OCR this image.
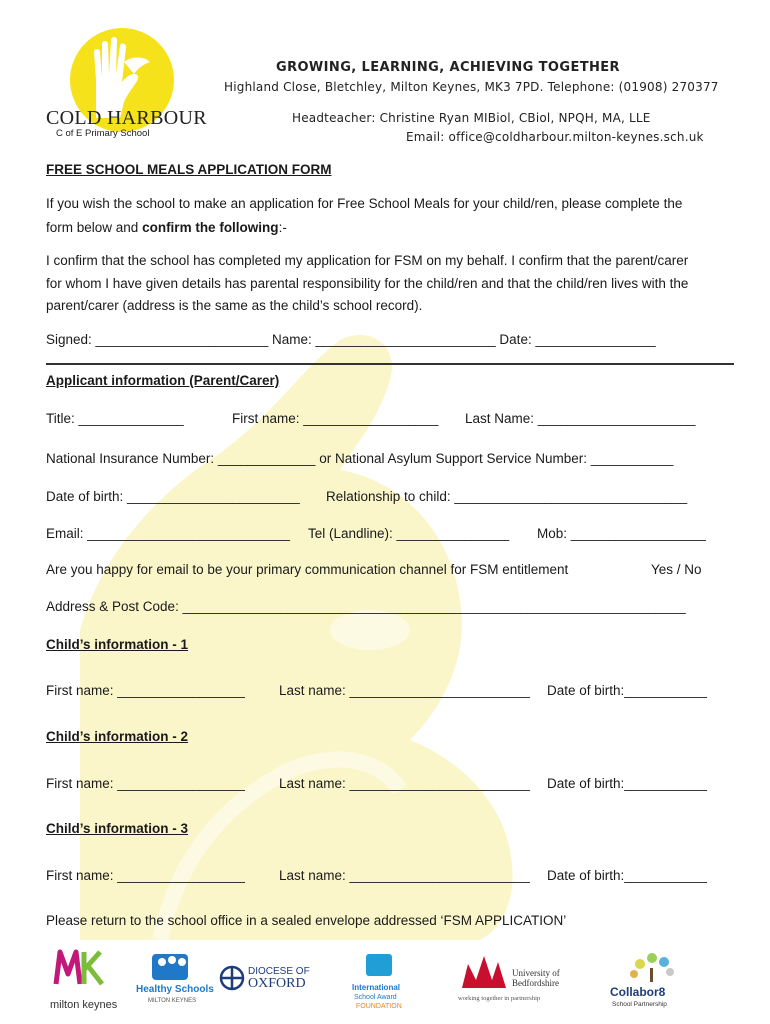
COLD HARBOUR
C of E Primary School
GROWING, LEARNING, ACHIEVING TOGETHER
Highland Close, Bletchley, Milton Keynes, MK3 7PD. Telephone: (01908) 270377
Headteacher: Christine Ryan MIBiol, CBiol, NPQH, MA, LLE
Email: office@coldharbour.milton-keynes.sch.uk
FREE SCHOOL MEALS APPLICATION FORM
If you wish the school to make an application for Free School Meals for your child/ren, please complete the
form below and confirm the following:-
I confirm that the school has completed my application for FSM on my behalf. I confirm that the parent/carer
for whom I have given details has parental responsibility for the child/ren and that the child/ren lives with the
parent/carer (address is the same as the child’s school record).
Signed: _______________________ Name: ________________________ Date: ________________
Applicant information (Parent/Carer)
Title: ______________	First name: __________________ Last Name: _____________________
National Insurance Number: _____________ or National Asylum Support Service Number: ___________
Date of birth: _______________________ Relationship to child: _______________________________
Email: ___________________________ Tel (Landline): _______________ Mob: __________________
Are you happy for email to be your primary communication channel for FSM entitlement	Yes / No
Address & Post Code: ___________________________________________________________________
Child’s information - 1
First name: _________________	Last name: ________________________ Date of birth:___________
Child’s information - 2
First name: _________________	Last name: ________________________ Date of birth:___________
Child’s information - 3
First name: _________________	Last name: ________________________ Date of birth:___________
Please return to the school office in a sealed envelope addressed ‘FSM APPLICATION’
milton keynes
Healthy Schools
MILTON KEYNES
DIOCESE OF
OXFORD	International
School Award
FOUNDATION
University of
Bedfordshire
working together in partnership	Collabor8
School Partnership
